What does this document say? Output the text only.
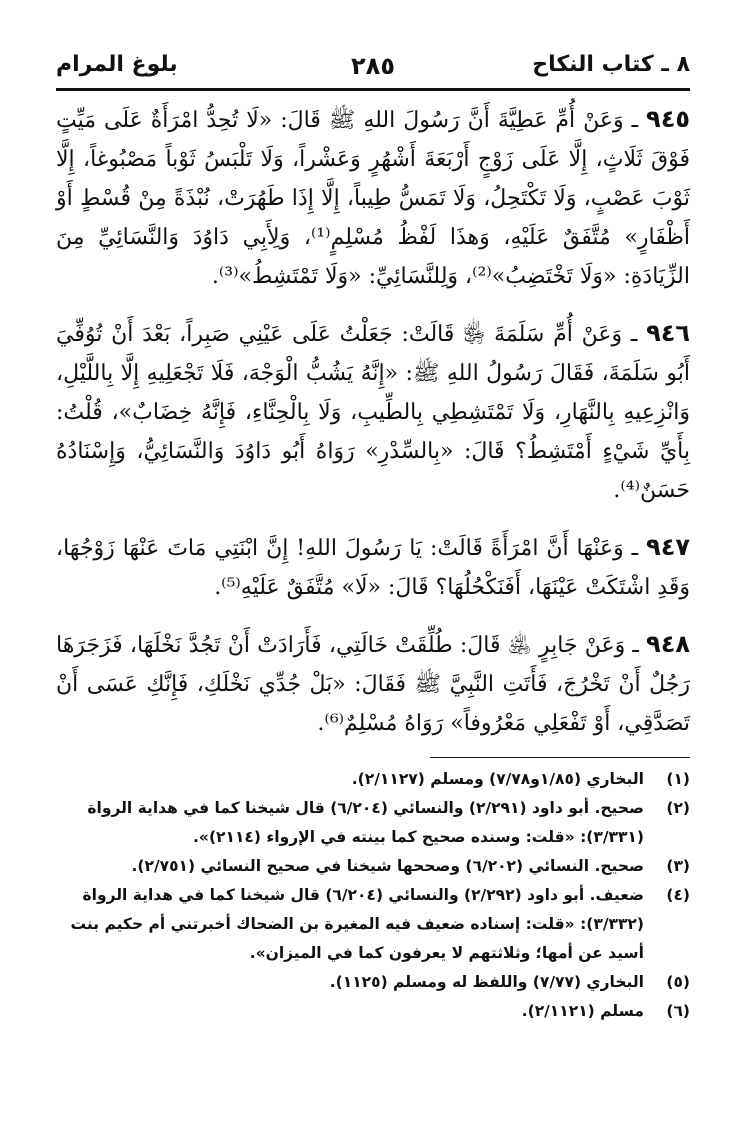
٨ ـ كتاب النكاح
٢٨٥
بلوغ المرام

٩٤٥ ـ وَعَنْ أُمِّ عَطِيَّةَ أَنَّ رَسُولَ اللهِ ﷺ قَالَ: «لَا تُحِدُّ امْرَأَةٌ عَلَى مَيِّتٍ فَوْقَ ثَلَاثٍ، إِلَّا عَلَى زَوْجٍ أَرْبَعَةَ أَشْهُرٍ وَعَشْراً، وَلَا تَلْبَسُ ثَوْباً مَصْبُوغاً، إِلَّا ثَوْبَ عَصْبٍ، وَلَا تَكْتَحِلُ، وَلَا تَمَسُّ طِيباً، إِلَّا إِذَا طَهُرَتْ، نُبْذَةً مِنْ قُسْطٍ أَوْ أَظْفَارٍ» مُتَّفَقٌ عَلَيْهِ، وَهذَا لَفْظُ مُسْلِمٍ⁽¹⁾، وَلِأَبِي دَاوُدَ وَالنَّسَائِيِّ مِنَ الزِّيَادَةِ: «وَلَا تَخْتَضِبُ»⁽²⁾، وَلِلنَّسَائِيِّ: «وَلَا تَمْتَشِطُ»⁽³⁾.

٩٤٦ ـ وَعَنْ أُمِّ سَلَمَةَ ﵂ قَالَتْ: جَعَلْتُ عَلَى عَيْنِي صَبِراً، بَعْدَ أَنْ تُوُفِّيَ أَبُو سَلَمَةَ، فَقَالَ رَسُولُ اللهِ ﷺ: «إِنَّهُ يَشُبُّ الْوَجْهَ، فَلَا تَجْعَلِيهِ إِلَّا بِاللَّيْلِ، وَانْزِعِيهِ بِالنَّهَارِ، وَلَا تَمْتَشِطِي بِالطِّيبِ، وَلَا بِالْحِنَّاءِ، فَإِنَّهُ خِضَابٌ»، قُلْتُ: بِأَيِّ شَيْءٍ أَمْتَشِطُ؟ قَالَ: «بِالسِّدْرِ» رَوَاهُ أَبُو دَاوُدَ وَالنَّسَائِيُّ، وَإِسْنَادُهُ حَسَنٌ⁽⁴⁾.

٩٤٧ ـ وَعَنْهَا أَنَّ امْرَأَةً قَالَتْ: يَا رَسُولَ اللهِ! إِنَّ ابْنَتِي مَاتَ عَنْهَا زَوْجُهَا، وَقَدِ اشْتَكَتْ عَيْنَهَا، أَفَنَكْحُلُهَا؟ قَالَ: «لَا» مُتَّفَقٌ عَلَيْهِ⁽⁵⁾.

٩٤٨ ـ وَعَنْ جَابِرٍ ﵁ قَالَ: طُلِّقَتْ خَالَتِي، فَأَرَادَتْ أَنْ تَجُدَّ نَخْلَهَا، فَزَجَرَهَا رَجُلٌ أَنْ تَخْرُجَ، فَأَتَتِ النَّبِيَّ ﷺ فَقَالَ: «بَلْ جُدِّي نَخْلَكِ، فَإِنَّكِ عَسَى أَنْ تَصَدَّقِي، أَوْ تَفْعَلِي مَعْرُوفاً» رَوَاهُ مُسْلِمٌ⁽⁶⁾.

(١)
البخاري (١/٨٥و٧/٧٨) ومسلم (٢/١١٢٧).
(٢)
صحيح. أبو داود (٢/٢٩١) والنسائي (٦/٢٠٤) قال شيخنا كما في هداية الرواة (٣/٣٣١): «قلت: وسنده صحيح كما بينته في الإرواء (٢١١٤)».
(٣)
صحيح. النسائي (٦/٢٠٢) وصححها شيخنا في صحيح النسائي (٢/٧٥١).
(٤)
ضعيف. أبو داود (٢/٢٩٢) والنسائي (٦/٢٠٤) قال شيخنا كما في هداية الرواة (٣/٣٣٢): «قلت: إسناده ضعيف فيه المغيرة بن الضحاك أخبرتني أم حكيم بنت أسيد عن أمها؛ وثلاثتهم لا يعرفون كما في الميزان».
(٥)
البخاري (٧/٧٧) واللفظ له ومسلم (١١٢٥).
(٦)
مسلم (٢/١١٢١).
